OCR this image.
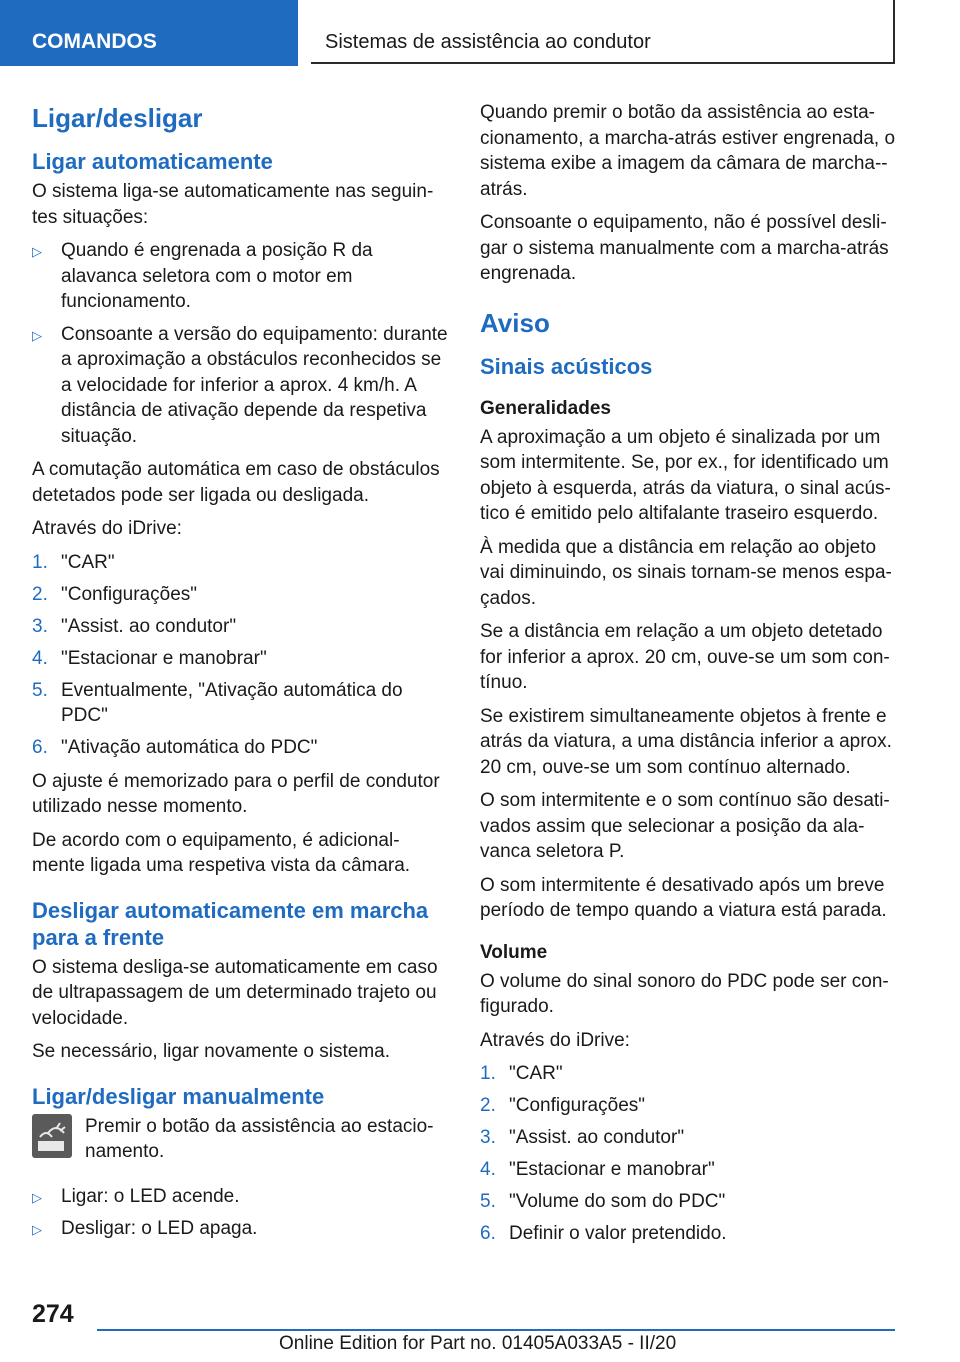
COMANDOS	Sistemas de assistência ao condutor
Ligar/desligar
Ligar automaticamente

O sistema liga-se automaticamente nas seguin-tes situações:

▷ Quando é engrenada a posição R da alavanca seletora com o motor em funcionamento.
▷ Consoante a versão do equipamento: durante a aproximação a obstáculos reconhecidos se a velocidade for inferior a aprox. 4 km/h. A distância de ativação depende da respetiva situação.

A comutação automática em caso de obstáculos detetados pode ser ligada ou desligada.

Através do iDrive:

1. "CAR"
2. "Configurações"
3. "Assist. ao condutor"
4. "Estacionar e manobrar"
5. Eventualmente, "Ativação automática do PDC"
6. "Ativação automática do PDC"

O ajuste é memorizado para o perfil de condutor utilizado nesse momento.

De acordo com o equipamento, é adicional-mente ligada uma respetiva vista da câmara.

Desligar automaticamente em marcha para a frente

O sistema desliga-se automaticamente em caso de ultrapassagem de um determinado trajeto ou velocidade.

Se necessário, ligar novamente o sistema.

Ligar/desligar manualmente

Premir o botão da assistência ao estacio-namento.

▷ Ligar: o LED acende.
▷ Desligar: o LED apaga.

Quando premir o botão da assistência ao esta-cionamento, a marcha-atrás estiver engrenada, o sistema exibe a imagem da câmara de marcha--atrás.

Consoante o equipamento, não é possível desli-gar o sistema manualmente com a marcha-atrás engrenada.

Aviso
Sinais acústicos
Generalidades

A aproximação a um objeto é sinalizada por um som intermitente. Se, por ex., for identificado um objeto à esquerda, atrás da viatura, o sinal acús-tico é emitido pelo altifalante traseiro esquerdo.

À medida que a distância em relação ao objeto vai diminuindo, os sinais tornam-se menos espa-çados.

Se a distância em relação a um objeto detetado for inferior a aprox. 20 cm, ouve-se um som con-tínuo.

Se existirem simultaneamente objetos à frente e atrás da viatura, a uma distância inferior a aprox. 20 cm, ouve-se um som contínuo alternado.

O som intermitente e o som contínuo são desati-vados assim que selecionar a posição da ala-vanca seletora P.

O som intermitente é desativado após um breve período de tempo quando a viatura está parada.

Volume

O volume do sinal sonoro do PDC pode ser con-figurado.

Através do iDrive:

1. "CAR"
2. "Configurações"
3. "Assist. ao condutor"
4. "Estacionar e manobrar"
5. "Volume do som do PDC"
6. Definir o valor pretendido.
274
Online Edition for Part no. 01405A033A5 - II/20
